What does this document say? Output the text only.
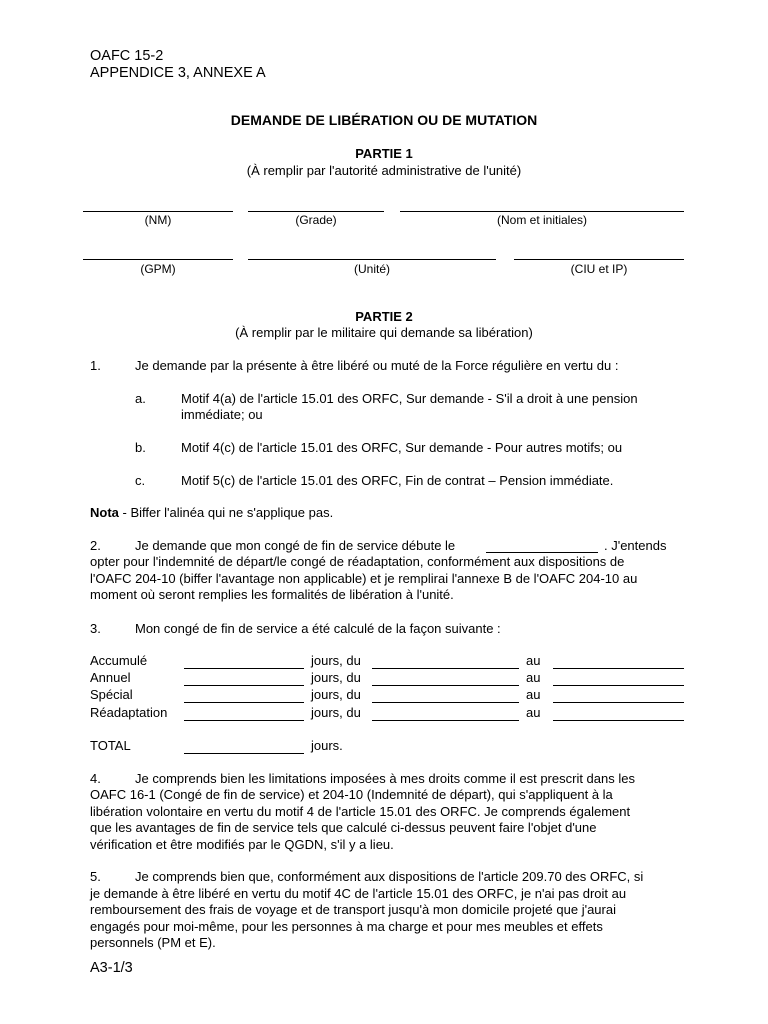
OAFC 15-2
APPENDICE 3, ANNEXE A
DEMANDE DE LIBÉRATION OU DE MUTATION
PARTIE 1
(À remplir par l'autorité administrative de l'unité)
(NM)	(Grade)	(Nom et initiales)
(GPM)	(Unité)	(CIU et IP)
PARTIE 2
(À remplir par le militaire qui demande sa libération)
1.	Je demande par la présente à être libéré ou muté de la Force régulière en vertu du :
a.	Motif 4(a) de l'article 15.01 des ORFC, Sur demande - S'il a droit à une pension
immédiate; ou
b.	Motif 4(c) de l'article 15.01 des ORFC, Sur demande - Pour autres motifs; ou
c.	Motif 5(c) de l'article 15.01 des ORFC, Fin de contrat – Pension immédiate.
Nota - Biffer l'alinéa qui ne s'applique pas.
2.	Je demande que mon congé de fin de service débute le	. J'entends
opter pour l'indemnité de départ/le congé de réadaptation, conformément aux dispositions de
l'OAFC 204-10 (biffer l'avantage non applicable) et je remplirai l'annexe B de l'OAFC 204-10 au
moment où seront remplies les formalités de libération à l'unité.
3.	Mon congé de fin de service a été calculé de la façon suivante :
Accumulé	jours, du	au
Annuel	jours, du	au
Spécial	jours, du	au
Réadaptation	jours, du	au
TOTAL	jours.
4.	Je comprends bien les limitations imposées à mes droits comme il est prescrit dans les
OAFC 16-1 (Congé de fin de service) et 204-10 (Indemnité de départ), qui s'appliquent à la
libération volontaire en vertu du motif 4 de l'article 15.01 des ORFC. Je comprends également
que les avantages de fin de service tels que calculé ci-dessus peuvent faire l'objet d'une
vérification et être modifiés par le QGDN, s'il y a lieu.
5.	Je comprends bien que, conformément aux dispositions de l'article 209.70 des ORFC, si
je demande à être libéré en vertu du motif 4C de l'article 15.01 des ORFC, je n'ai pas droit au
remboursement des frais de voyage et de transport jusqu'à mon domicile projeté que j'aurai
engagés pour moi-même, pour les personnes à ma charge et pour mes meubles et effets
personnels (PM et E).
A3-1/3
